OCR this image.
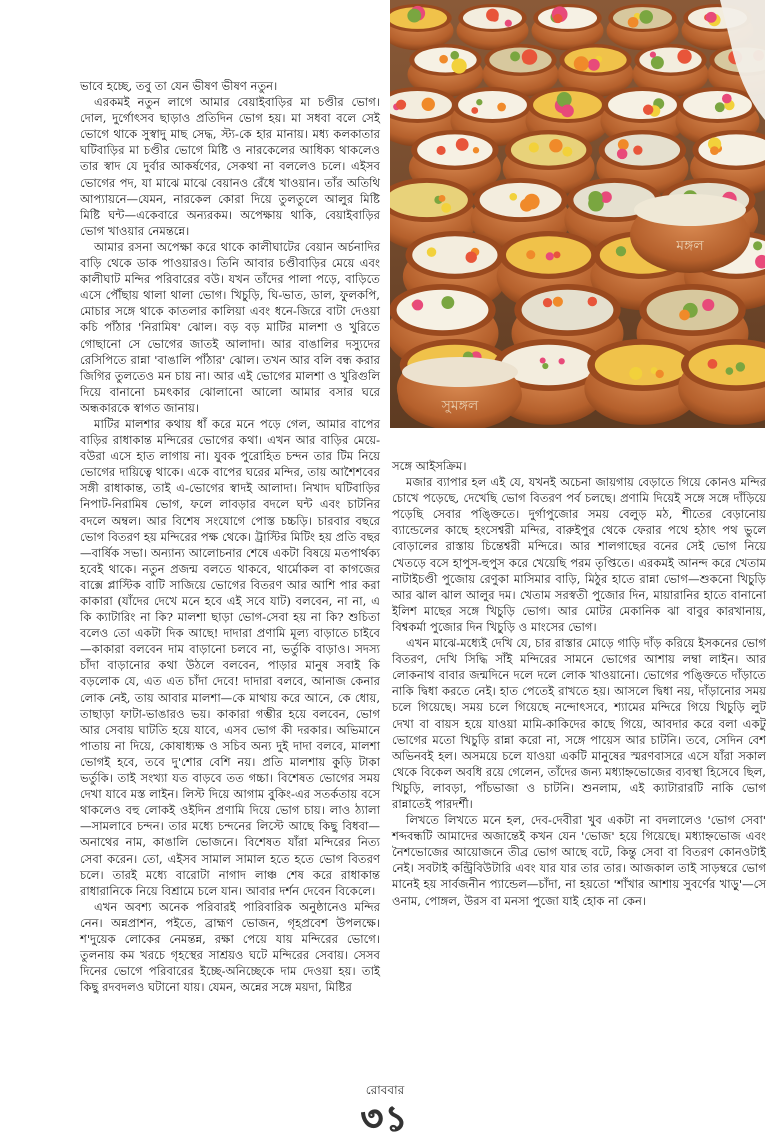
মঙ্গল
সুমঙ্গল

ভাবে হচ্ছে, তবু তা যেন ভীষণ ভীষণ নতুন।

এরকমই নতুন লাগে আমার বেয়াইবাড়ির মা চণ্ডীর ভোগ। দোল, দুর্গোৎসব ছাড়াও প্রতিদিন ভোগ হয়। মা সধবা বলে সেই ভোগে থাকে সুস্বাদু মাছ সেদ্ধ, স্ট্য-কে হার মানায়। মধ্য কলকাতার ঘটিবাড়ির মা চণ্ডীর ভোগে মিষ্টি ও নারকেলের আধিক্য থাকলেও তার স্বাদ যে দুর্বার আকর্ষণের, সেকথা না বললেও চলে। এইসব ভোগের পদ, যা মাঝে মাঝে বেয়ানও রেঁধে খাওয়ান। তাঁর অতিথি আপ্যায়নে—যেমন, নারকেল কোরা দিয়ে তুলতুলে আলুর মিষ্টি মিষ্টি ঘন্ট—একেবারে অন্যরকম। অপেক্ষায় থাকি, বেয়াইবাড়ির ভোগ খাওয়ার নেমন্তন্নে।

আমার রসনা অপেক্ষা করে থাকে কালীঘাটের বেয়ান অর্চনাদির বাড়ি থেকে ডাক পাওয়ারও। তিনি আবার চণ্ডীবাড়ির মেয়ে এবং কালীঘাট মন্দির পরিবারের বউ। যখন তাঁদের পালা পড়ে, বাড়িতে এসে পৌঁছায় থালা থালা ভোগ। খিচুড়ি, ঘি-ভাত, ডাল, ফুলকপি, মোচার সঙ্গে থাকে কাতলার কালিয়া এবং ধনে-জিরে বাটা দেওয়া কচি পাঁঠার 'নিরামিষ' ঝোল। বড় বড় মাটির মালশা ও খুরিতে গোছানো সে ভোগের জাতই আলাদা। আর বাঙালির দস্যুদের রেসিপিতে রান্না 'বাঙালি পাঁঠার' ঝোল। তখন আর বলি বন্ধ করার জিগির তুলতেও মন চায় না। আর এই ভোগের মালশা ও খুরিগুলি দিয়ে বানানো চমৎকার ঝোলানো আলো আমার বসার ঘরে অন্ধকারকে স্বাগত জানায়।

মাটির মালশার কথায় ধাঁ করে মনে পড়ে গেল, আমার বাপের বাড়ির রাধাকান্ত মন্দিরের ভোগের কথা। এখন আর বাড়ির মেয়ে-বউরা এসে হাত লাগায় না। যুবক পুরোহিত চন্দন তার টিম নিয়ে ভোগের দায়িত্বে থাকে। একে বাপের ঘরের মন্দির, তায় আশৈশবের সঙ্গী রাধাকান্ত, তাই এ-ভোগের স্বাদই আলাদা। নিখাদ ঘটিবাড়ির নিপাট-নিরামিষ ভোগ, ফলে লাবড়ার বদলে ঘন্ট এবং চাটনির বদলে অম্বল। আর বিশেষ সংযোগে পোস্ত চচ্চড়ি। চারবার বছরে ভোগ বিতরণ হয় মন্দিরের পক্ষ থেকে। ট্রাস্টির মিটিং হয় প্রতি বছর—বার্ষিক সভা। অন্যান্য আলোচনার শেষে একটা বিষয়ে মতপার্থক্য হবেই থাকে। নতুন প্রজন্ম বলতে থাকবে, থার্মোকল বা কাগজের বাক্সে প্লাস্টিক বাটি সাজিয়ে ভোগের বিতরণ আর আশি পার করা কাকারা (যাঁদের দেখে মনে হবে এই সবে যাট) বলবেন, না না, এ কি ক্যাটারিং না কি? মালশা ছাড়া ভোগ-সেবা হয় না কি? শুচিতা বলেও তো একটা দিক আছে! দাদারা প্রণামি মূল্য বাড়াতে চাইবে—কাকারা বলবেন দাম বাড়ানো চলবে না, ভর্তুকি বাড়াও। সদস্য চাঁদা বাড়ানোর কথা উঠলে বলবেন, পাড়ার মানুষ সবাই কি বড়লোক যে, এত এত চাঁদা দেবে! দাদারা বলবে, আনাজ কেনার লোক নেই, তায় আবার মালশা—কে মাথায় করে আনে, কে ধোয়, তাছাড়া ফাটা-ভাঙারও ভয়। কাকারা গম্ভীর হয়ে বলবেন, ভোগ আর সেবায় ঘাটতি হয়ে যাবে, এসব ভোগ কী দরকার। অভিমানে পাতায় না দিয়ে, কোষাধ্যক্ষ ও সচিব অন্য দুই দাদা বলবে, মালশা ভোগই হবে, তবে দু'শোর বেশি নয়। প্রতি মালশায় কুড়ি টাকা ভর্তুকি। তাই সংখ্যা যত বাড়বে তত গচ্চা। বিশেষত ভোগের সময় দেখা যাবে মস্ত লাইন। লিস্ট দিয়ে আগাম বুকিং-এর সতর্কতায় বসে থাকলেও বহু লোকই ওইদিন প্রণামি দিয়ে ভোগ চায়। লাও ঠ্যালা—সামলাবে চন্দন। তার মধ্যে চন্দনের লিস্টে আছে কিছু বিধবা—অনাথের নাম, কাঙালি ভোজনে। বিশেষত যাঁরা মন্দিরের নিত্য সেবা করেন। তো, এইসব সামাল সামাল হতে হতে ভোগ বিতরণ চলে। তারই মধ্যে বারোটা নাগাদ লাঞ্চ শেষ করে রাধাকান্ত রাধারানিকে নিয়ে বিশ্রামে চলে যান। আবার দর্শন দেবেন বিকেলে।

এখন অবশ্য অনেক পরিবারই পারিবারিক অনুষ্ঠানেও মন্দির নেন। অন্নপ্রাশন, পইতে, ব্রাহ্মণ ভোজন, গৃহপ্রবেশ উপলক্ষে। শ'দুয়েক লোকের নেমন্তন্ন, রক্ষা পেয়ে যায় মন্দিরের ভোগে। তুলনায় কম খরচে গৃহস্থের সাশ্রয়ও ঘটে মন্দিরের সেবায়। সেসব দিনের ভোগে পরিবারের ইচ্ছে-অনিচ্ছেকে দাম দেওয়া হয়। তাই কিছু রদবদলও ঘটানো যায়। যেমন, অন্নের সঙ্গে ময়দা, মিষ্টির

সঙ্গে আইসক্রিম।

মজার ব্যাপার হল এই যে, যখনই অচেনা জায়গায় বেড়াতে গিয়ে কোনও মন্দির চোখে পড়েছে, দেখেছি ভোগ বিতরণ পর্ব চলছে। প্রণামি দিয়েই সঙ্গে সঙ্গে দাঁড়িয়ে পড়েছি সেবার পঙ্ক্তিতে। দুর্গাপুজোর সময় বেলুড় মঠ, শীতের বেড়ানোয় ব্যান্ডেলের কাছে হংসেশ্বরী মন্দির, বারুইপুর থেকে ফেরার পথে হঠাৎ পথ ভুলে বোড়ালের রাস্তায় চিন্তেশ্বরী মন্দিরে। আর শালগাছের বনের সেই ভোগ নিয়ে খেতড়ে বসে হাপুস-হুপুস করে খেয়েছি পরম তৃপ্তিতে। এরকমই আনন্দ করে খেতাম নাটাইচণ্ডী পুজোয় রেণুকা মাসিমার বাড়ি, মিঠুর হাতে রান্না ভোগ—শুকনো খিচুড়ি আর ঝাল ঝাল আলুর দম। খেতাম সরস্বতী পুজোর দিন, মায়ারানির হাতে বানানো ইলিশ মাছের সঙ্গে খিচুড়ি ভোগ। আর মোটর মেকানিক ঝা বাবুর কারখানায়, বিশ্বকর্মা পুজোর দিন খিচুড়ি ও মাংসের ভোগ।

এখন মাঝে-মধ্যেই দেখি যে, চার রাস্তার মোড়ে গাড়ি দাঁড় করিয়ে ইসকনের ভোগ বিতরণ, দেখি সিদ্ধি সাঁই মন্দিরের সামনে ভোগের আশায় লম্বা লাইন। আর লোকনাথ বাবার জন্মদিনে দলে দলে লোক খাওয়ানো। ভোগের পঙ্ক্তিতে দাঁড়াতে নাকি দ্বিধা করতে নেই। হাত পেতেই রাখতে হয়। আসলে দ্বিধা নয়, দাঁড়ানোর সময় চলে গিয়েছে। সময় চলে গিয়েছে নন্দোৎসবে, শ্যামের মন্দিরে গিয়ে খিচুড়ি লুট দেখা বা বায়স হয়ে যাওয়া মামি-কাকিদের কাছে গিয়ে, আবদার করে বলা একটু ভোগের মতো খিচুড়ি রান্না করো না, সঙ্গে পায়েস আর চাটনি। তবে, সেদিন বেশ অভিনবই হল। অসময়ে চলে যাওয়া একটি মানুষের স্মরণবাসরে এসে যাঁরা সকাল থেকে বিকেল অবধি রয়ে গেলেন, তাঁদের জন্য মধ্যাহ্নভোজের ব্যবস্থা হিসেবে ছিল, খিচুড়ি, লাবড়া, পাঁচভাজা ও চাটনি। শুনলাম, এই ক্যাটারারটি নাকি ভোগ রান্নাতেই পারদর্শী।

লিখতে লিখতে মনে হল, দেব-দেবীরা খুব একটা না বদলালেও 'ভোগ সেবা' শব্দবন্ধটি আমাদের অজান্তেই কখন যেন 'ভোজ' হয়ে গিয়েছে। মধ্যাহ্নভোজ এবং নৈশভোজের আয়োজনে তীব্র ভোগ আছে বটে, কিন্তু সেবা বা বিতরণ কোনওটাই নেই। সবটাই কন্ট্রিবিউটারি এবং যার যার তার তার। আজকাল তাই সাড়ম্বরে ভোগ মানেই হয় সার্বজনীন প্যান্ডেল—চাঁদা, না হয়তো 'শাঁখার আশায় সুবর্ণের খাড়ু'—সে ওনাম, পোঙ্গল, উরস বা মনসা পুজো যাই হোক না কেন।

রোববার
৩১
